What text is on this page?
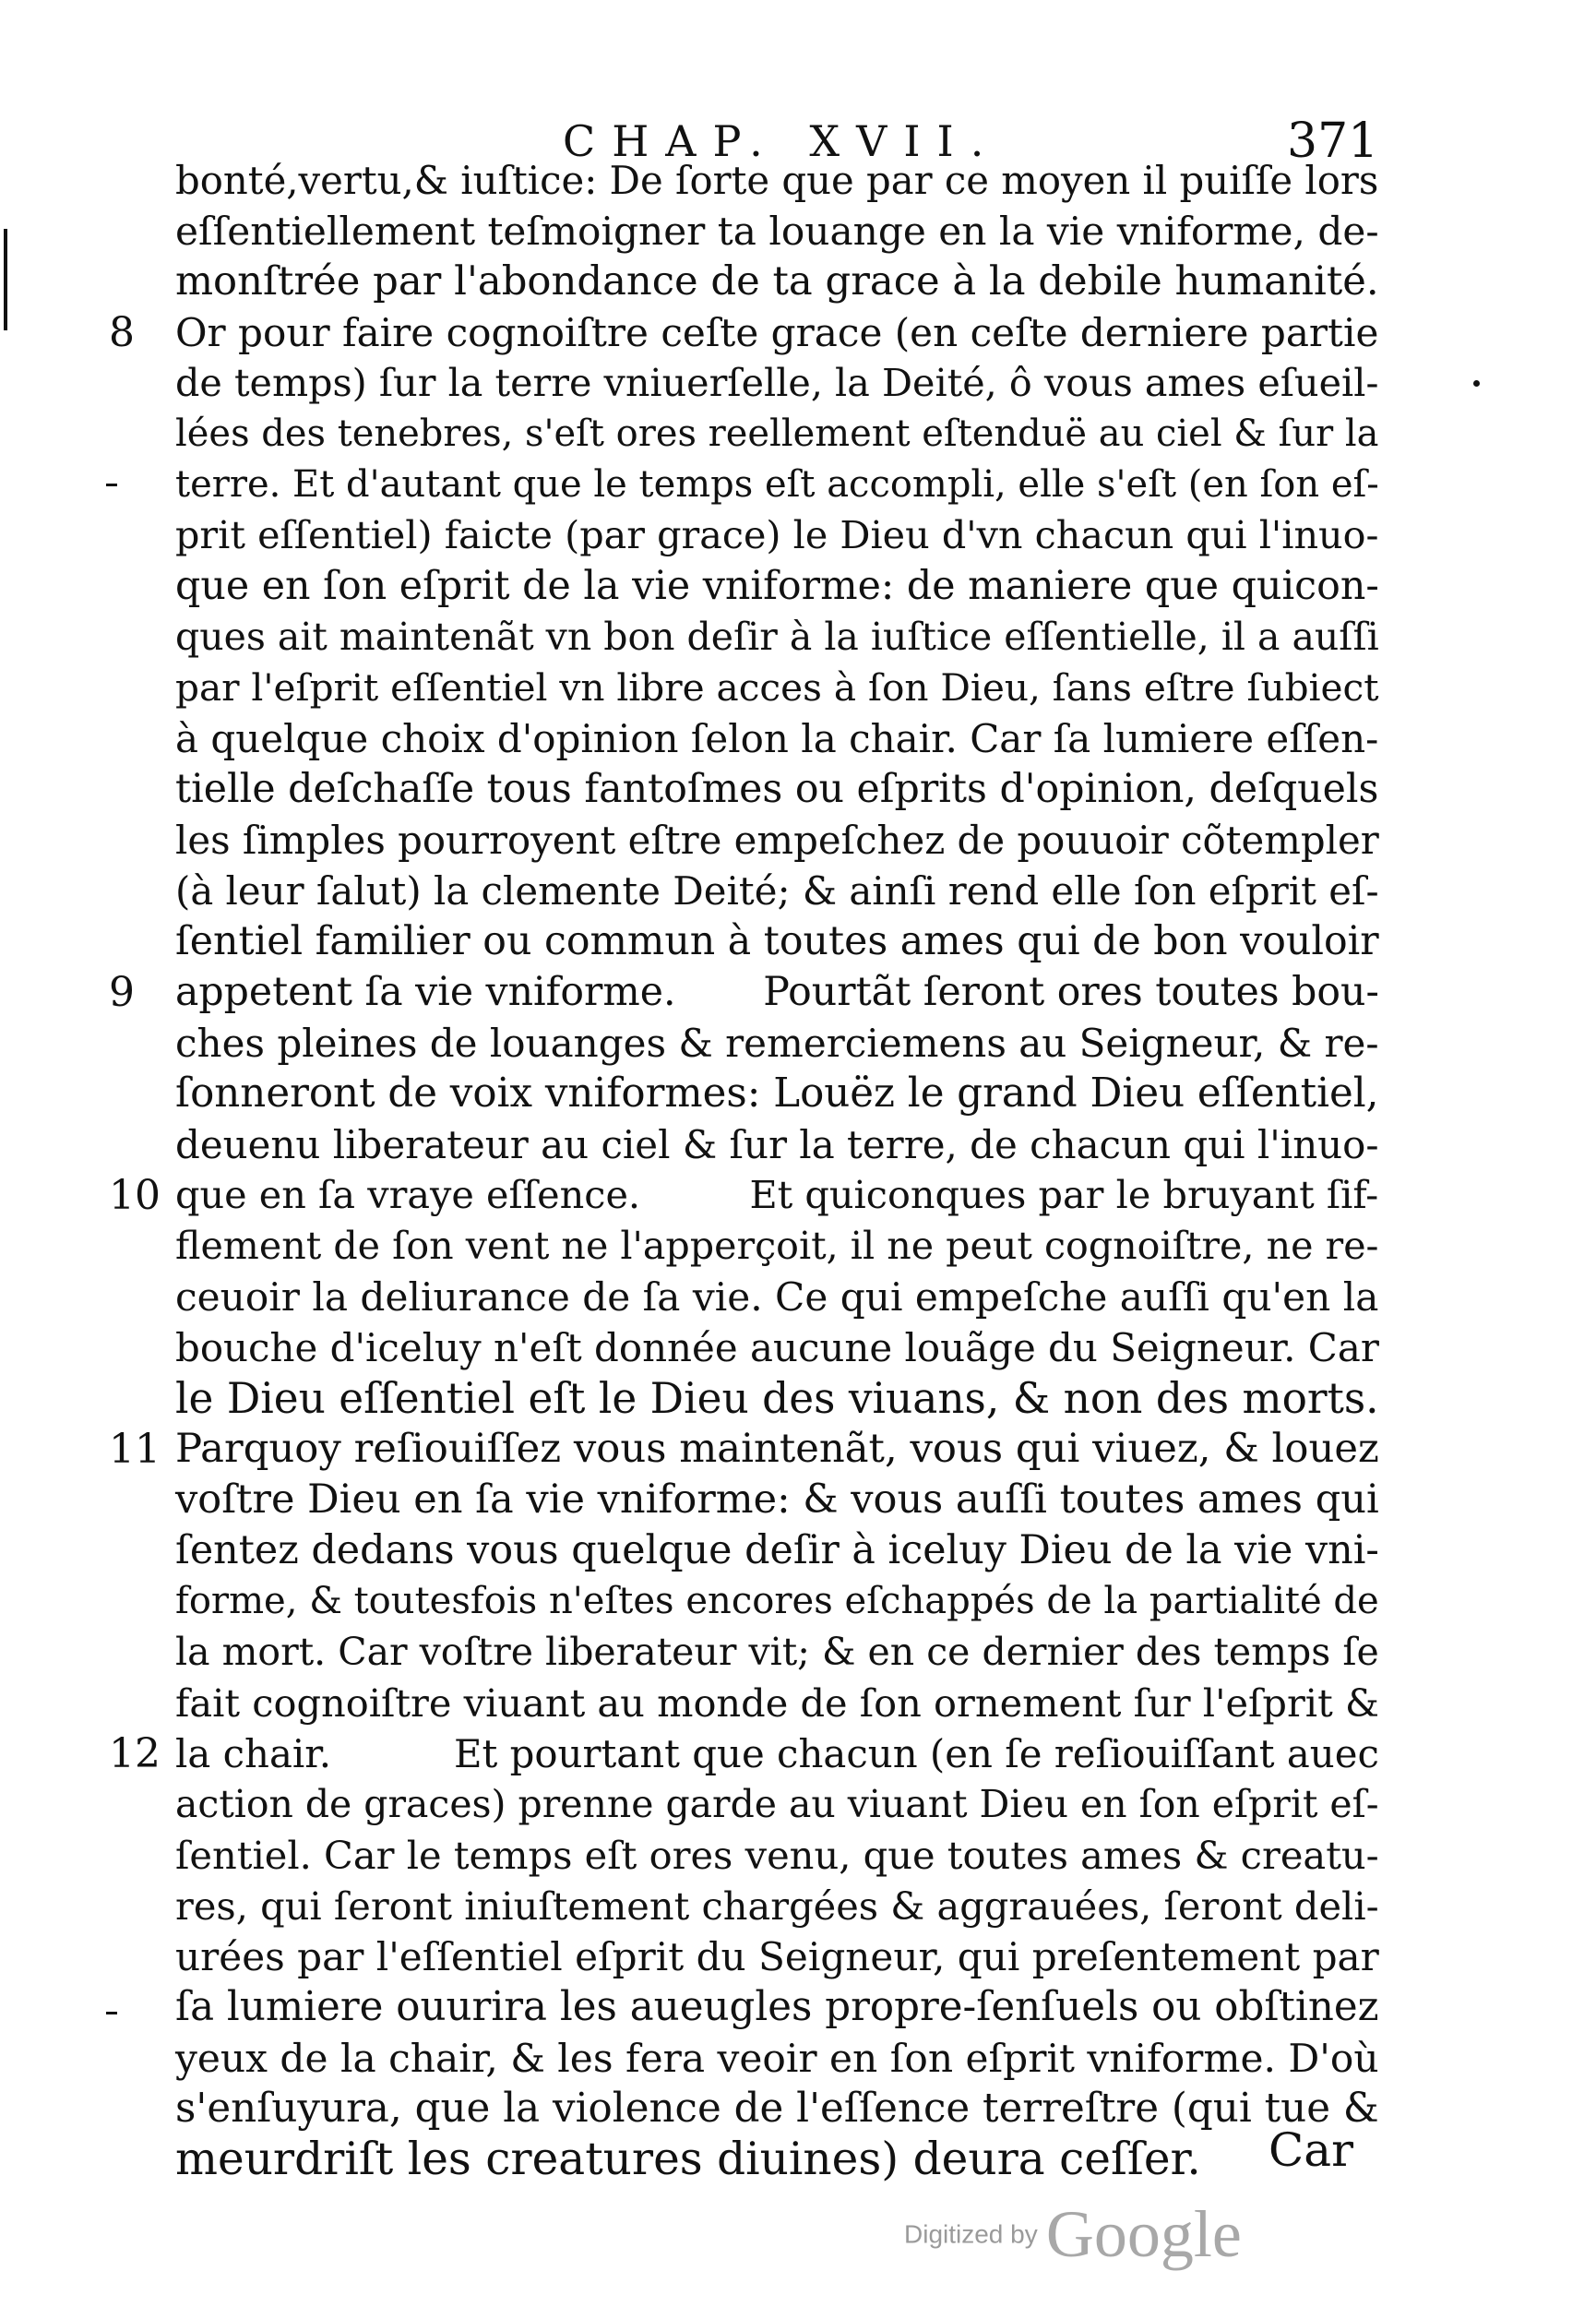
CHAP. XVII.	371
bonté,vertu,& iuſtice: De ſorte que par ce moyen il puiſſe lors
eſſentiellement teſmoigner ta louange en la vie vniforme, de-
monſtrée par l'abondance de ta grace à la debile humanité.
8	Or pour faire cognoiſtre ceſte grace (en ceſte derniere partie
de temps) ſur la terre vniuerſelle, la Deité, ô vous ames eſueil-
lées des tenebres, s'eſt ores reellement eſtenduë au ciel & ſur la
terre. Et d'autant que le temps eſt accompli, elle s'eſt (en ſon eſ-
prit eſſentiel) faicte (par grace) le Dieu d'vn chacun qui l'inuo-
que en ſon eſprit de la vie vniforme: de maniere que quicon-
ques ait maintenãt vn bon deſir à la iuſtice eſſentielle, il a auſſi
par l'eſprit eſſentiel vn libre acces à ſon Dieu, ſans eſtre ſubiect
à quelque choix d'opinion ſelon la chair. Car ſa lumiere eſſen-
tielle deſchaſſe tous fantoſmes ou eſprits d'opinion, deſquels
les ſimples pourroyent eſtre empeſchez de pouuoir cõtempler
(à leur ſalut) la clemente Deité; & ainſi rend elle ſon eſprit eſ-
ſentiel familier ou commun à toutes ames qui de bon vouloir
9	appetent ſa vie vniforme.       Pourtãt ſeront ores toutes bou-
ches pleines de louanges & remerciemens au Seigneur, & re-
ſonneront de voix vniformes: Louëz le grand Dieu eſſentiel,
deuenu liberateur au ciel & ſur la terre, de chacun qui l'inuo-
10 que en ſa vraye eſſence.         Et quiconques par le bruyant ſif-
flement de ſon vent ne l'apperçoit, il ne peut cognoiſtre, ne re-
ceuoir la deliurance de ſa vie. Ce qui empeſche auſſi qu'en la
bouche d'iceluy n'eſt donnée aucune louãge du Seigneur. Car
le Dieu eſſentiel eſt le Dieu des viuans, & non des morts.
11 Parquoy reſiouiſſez vous maintenãt, vous qui viuez, & louez
voſtre Dieu en ſa vie vniforme: & vous auſſi toutes ames qui
ſentez dedans vous quelque deſir à iceluy Dieu de la vie vni-
forme, & toutesfois n'eſtes encores eſchappés de la partialité de
la mort. Car voſtre liberateur vit; & en ce dernier des temps ſe
fait cognoiſtre viuant au monde de ſon ornement ſur l'eſprit &
12 la chair.          Et pourtant que chacun (en ſe reſiouiſſant auec
action de graces) prenne garde au viuant Dieu en ſon eſprit eſ-
ſentiel. Car le temps eſt ores venu, que toutes ames & creatu-
res, qui ſeront iniuſtement chargées & aggrauées, ſeront deli-
urées par l'eſſentiel eſprit du Seigneur, qui preſentement par
ſa lumiere ouurira les aueugles propre-ſenſuels ou obſtinez
yeux de la chair, & les fera veoir en ſon eſprit vniforme. D'où
s'enſuyura, que la violence de l'eſſence terreſtre (qui tue &
meurdriſt les creatures diuines) deura ceſſer. Car
Digitized by Google
